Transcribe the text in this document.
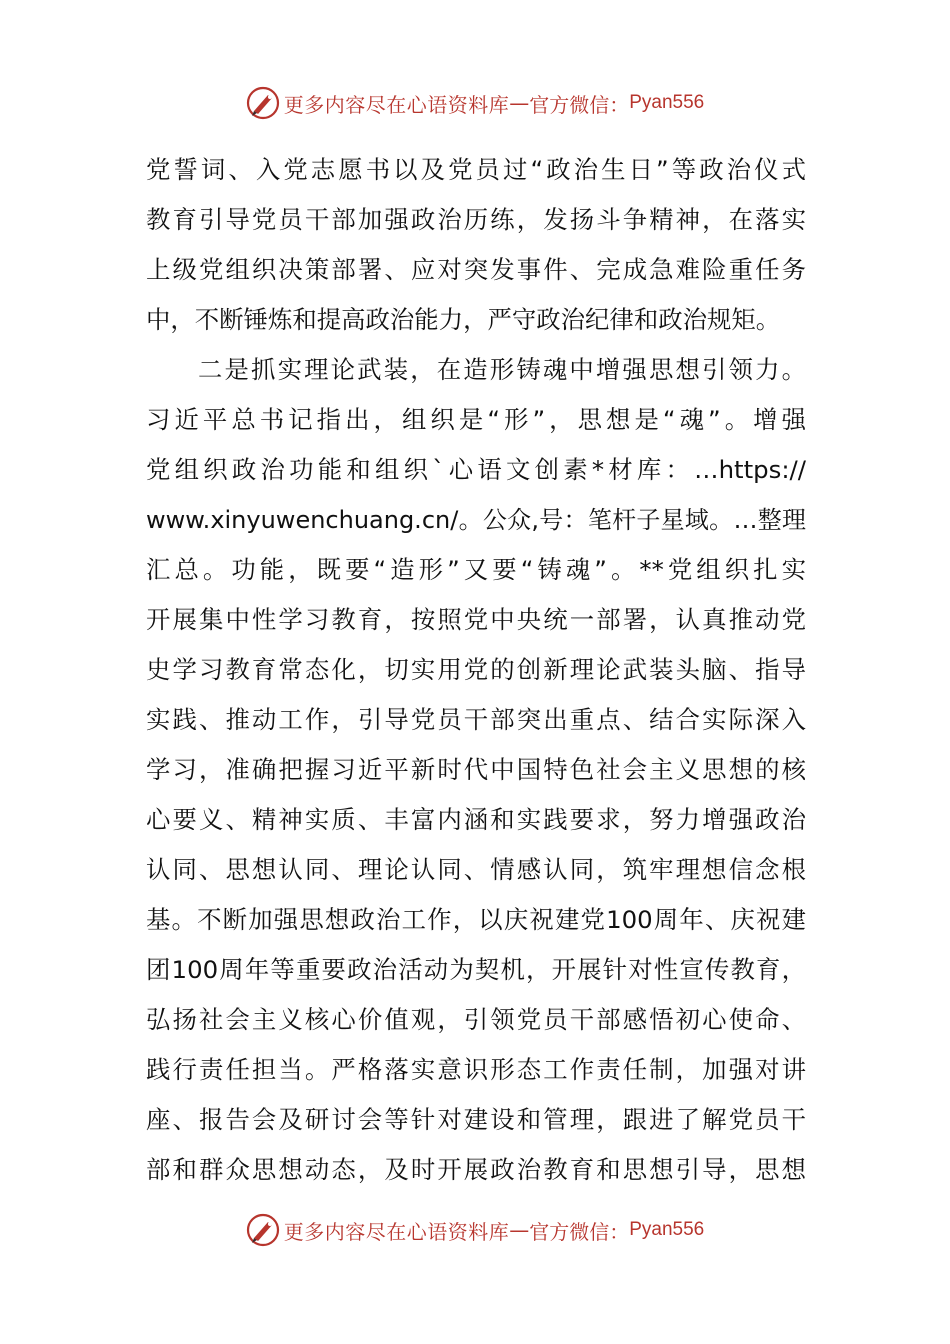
更多内容尽在心语资料库 — 官方微信： Pyan556
党誓词、入党志愿书以及党员过“政治生日”等政治仪式
教育引导党员干部加强政治历练，发扬斗争精神，在落实
上级党组织决策部署、应对突发事件、完成急难险重任务
中，不断锤炼和提高政治能力，严守政治纪律和政治规矩。
二是抓实理论武装，在造形铸魂中增强思想引领力。
习近平总书记指出，组织是“形”，思想是“魂”。增强
党组织政治功能和组织`心语文创素*材库：…https://
www.xinyuwenchuang.cn/。公众,号：笔杆子星域。…整理
汇总。功能，既要“造形”又要“铸魂”。**党组织扎实
开展集中性学习教育，按照党中央统一部署，认真推动党
史学习教育常态化，切实用党的创新理论武装头脑、指导
实践、推动工作，引导党员干部突出重点、结合实际深入
学习，准确把握习近平新时代中国特色社会主义思想的核
心要义、精神实质、丰富内涵和实践要求，努力增强政治
认同、思想认同、理论认同、情感认同，筑牢理想信念根
基。不断加强思想政治工作，以庆祝建党100周年、庆祝建
团100周年等重要政治活动为契机，开展针对性宣传教育，
弘扬社会主义核心价值观，引领党员干部感悟初心使命、
践行责任担当。严格落实意识形态工作责任制，加强对讲
座、报告会及研讨会等针对建设和管理，跟进了解党员干
部和群众思想动态，及时开展政治教育和思想引导，思想
更多内容尽在心语资料库 — 官方微信： Pyan556
